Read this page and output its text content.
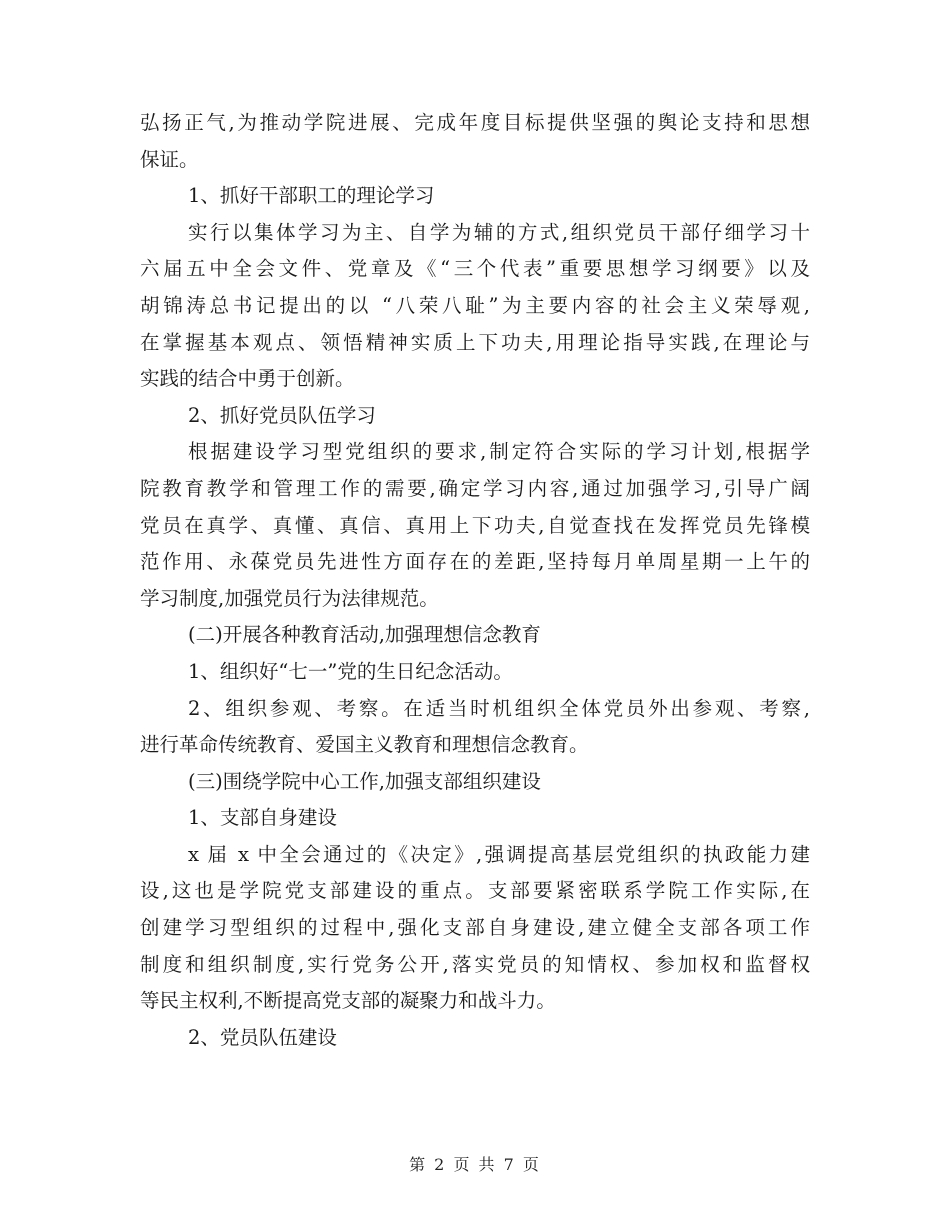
弘扬正气,为推动学院进展、完成年度目标提供坚强的舆论支持和思想
保证。
1、抓好干部职工的理论学习
实行以集体学习为主、自学为辅的方式,组织党员干部仔细学习十
六届五中全会文件、党章及《“三个代表”重要思想学习纲要》以及
胡锦涛总书记提出的以 “八荣八耻”为主要内容的社会主义荣辱观,
在掌握基本观点、领悟精神实质上下功夫,用理论指导实践,在理论与
实践的结合中勇于创新。
2、抓好党员队伍学习
根据建设学习型党组织的要求,制定符合实际的学习计划,根据学
院教育教学和管理工作的需要,确定学习内容,通过加强学习,引导广阔
党员在真学、真懂、真信、真用上下功夫,自觉查找在发挥党员先锋模
范作用、永葆党员先进性方面存在的差距,坚持每月单周星期一上午的
学习制度,加强党员行为法律规范。
(二)开展各种教育活动,加强理想信念教育
1、组织好“七一”党的生日纪念活动。
2、组织参观、考察。在适当时机组织全体党员外出参观、考察,
进行革命传统教育、爱国主义教育和理想信念教育。
(三)围绕学院中心工作,加强支部组织建设
1、支部自身建设
x 届 x 中全会通过的《决定》,强调提高基层党组织的执政能力建
设,这也是学院党支部建设的重点。支部要紧密联系学院工作实际,在
创建学习型组织的过程中,强化支部自身建设,建立健全支部各项工作
制度和组织制度,实行党务公开,落实党员的知情权、参加权和监督权
等民主权利,不断提高党支部的凝聚力和战斗力。
2、党员队伍建设
第 2 页 共 7 页
